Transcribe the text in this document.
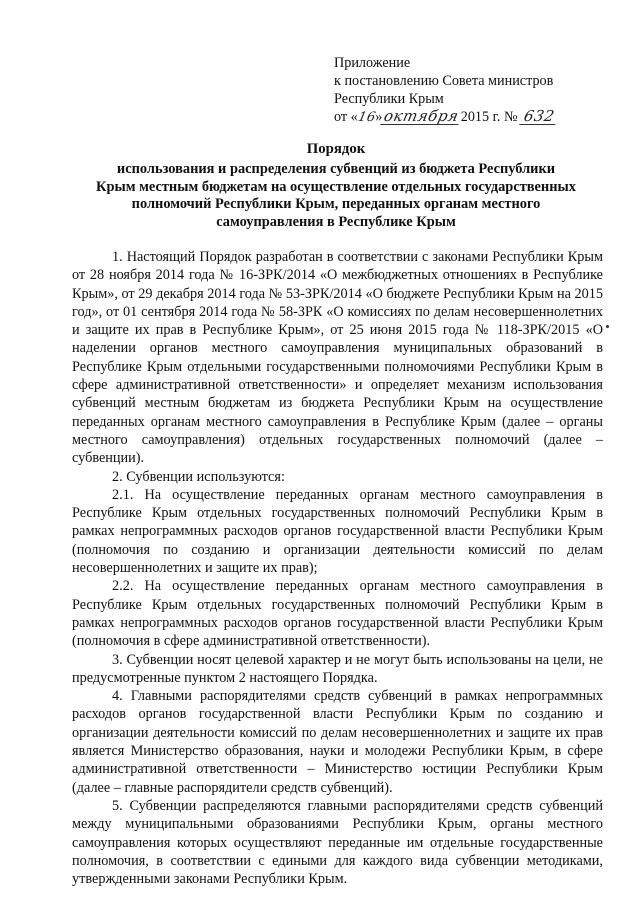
Приложение
к постановлению Совета министров
Республики Крым
от «16»октября2015 г. № 632
Порядок
использования и распределения субвенций из бюджета Республики
Крым местным бюджетам на осуществление отдельных государственных
полномочий Республики Крым, переданных органам местного
самоуправления в Республике Крым

1. Настоящий Порядок разработан в соответствии с законами Республики Крым от 28 ноября 2014 года № 16-ЗРК/2014 «О межбюджетных отношениях в Республике Крым», от 29 декабря 2014 года № 53-ЗРК/2014 «О бюджете Республики Крым на 2015 год», от 01 сентября 2014 года № 58-ЗРК «О комиссиях по делам несовершеннолетних и защите их прав в Республике Крым», от 25 июня 2015 года № 118-ЗРК/2015 «О наделении органов местного самоуправления муниципальных образований в Республике Крым отдельными государственными полномочиями Республики Крым в сфере административной ответственности» и определяет механизм использования субвенций местным бюджетам из бюджета Республики Крым на осуществление переданных органам местного самоуправления в Республике Крым (далее – органы местного самоуправления) отдельных государственных полномочий (далее – субвенции).

2. Субвенции используются:

2.1. На осуществление переданных органам местного самоуправления в Республике Крым отдельных государственных полномочий Республики Крым в рамках непрограммных расходов органов государственной власти Республики Крым (полномочия по созданию и организации деятельности комиссий по делам несовершеннолетних и защите их прав);

2.2. На осуществление переданных органам местного самоуправления в Республике Крым отдельных государственных полномочий Республики Крым в рамках непрограммных расходов органов государственной власти Республики Крым (полномочия в сфере административной ответственности).

3. Субвенции носят целевой характер и не могут быть использованы на цели, не предусмотренные пунктом 2 настоящего Порядка.

4. Главными распорядителями средств субвенций в рамках непрограммных расходов органов государственной власти Республики Крым по созданию и организации деятельности комиссий по делам несовершеннолетних и защите их прав является Министерство образования, науки и молодежи Республики Крым, в сфере административной ответственности – Министерство юстиции Республики Крым (далее – главные распорядители средств субвенций).

5. Субвенции распределяются главными распорядителями средств субвенций между муниципальными образованиями Республики Крым, органы местного самоуправления которых осуществляют переданные им отдельные государственные полномочия, в соответствии с едиными для каждого вида субвенции методиками, утвержденными законами Республики Крым.
